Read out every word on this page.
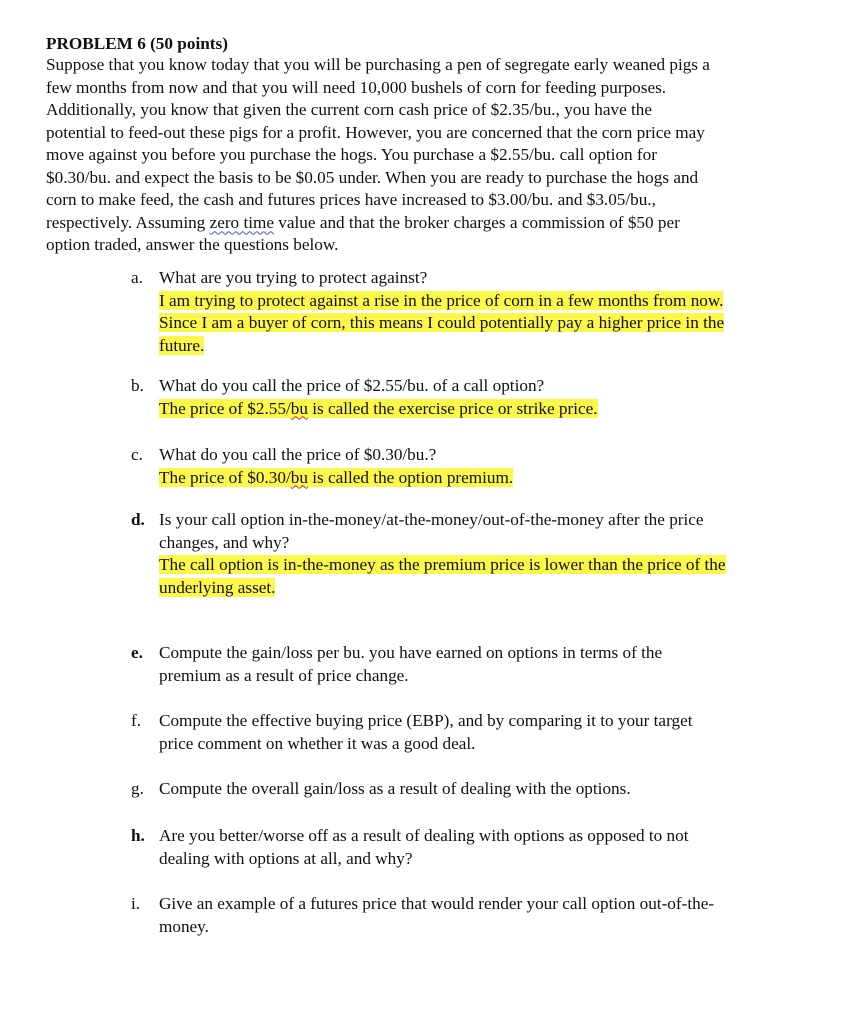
PROBLEM 6 (50 points)
Suppose that you know today that you will be purchasing a pen of segregate early weaned pigs a
few months from now and that you will need 10,000 bushels of corn for feeding purposes.
Additionally, you know that given the current corn cash price of $2.35/bu., you have the
potential to feed-out these pigs for a profit. However, you are concerned that the corn price may
move against you before you purchase the hogs. You purchase a $2.55/bu. call option for
$0.30/bu. and expect the basis to be $0.05 under. When you are ready to purchase the hogs and
corn to make feed, the cash and futures prices have increased to $3.00/bu. and $3.05/bu.,
respectively. Assuming zero time value and that the broker charges a commission of $50 per
option traded, answer the questions below.
a. What are you trying to protect against?
I am trying to protect against a rise in the price of corn in a few months from now.
Since I am a buyer of corn, this means I could potentially pay a higher price in the
future.
b. What do you call the price of $2.55/bu. of a call option?
The price of $2.55/bu is called the exercise price or strike price.
c. What do you call the price of $0.30/bu.?
The price of $0.30/bu is called the option premium.
d. Is your call option in-the-money/at-the-money/out-of-the-money after the price
changes, and why?
The call option is in-the-money as the premium price is lower than the price of the
underlying asset.
e. Compute the gain/loss per bu. you have earned on options in terms of the
premium as a result of price change.
f. Compute the effective buying price (EBP), and by comparing it to your target
price comment on whether it was a good deal.
g. Compute the overall gain/loss as a result of dealing with the options.
h. Are you better/worse off as a result of dealing with options as opposed to not
dealing with options at all, and why?
i. Give an example of a futures price that would render your call option out-of-the-
money.
